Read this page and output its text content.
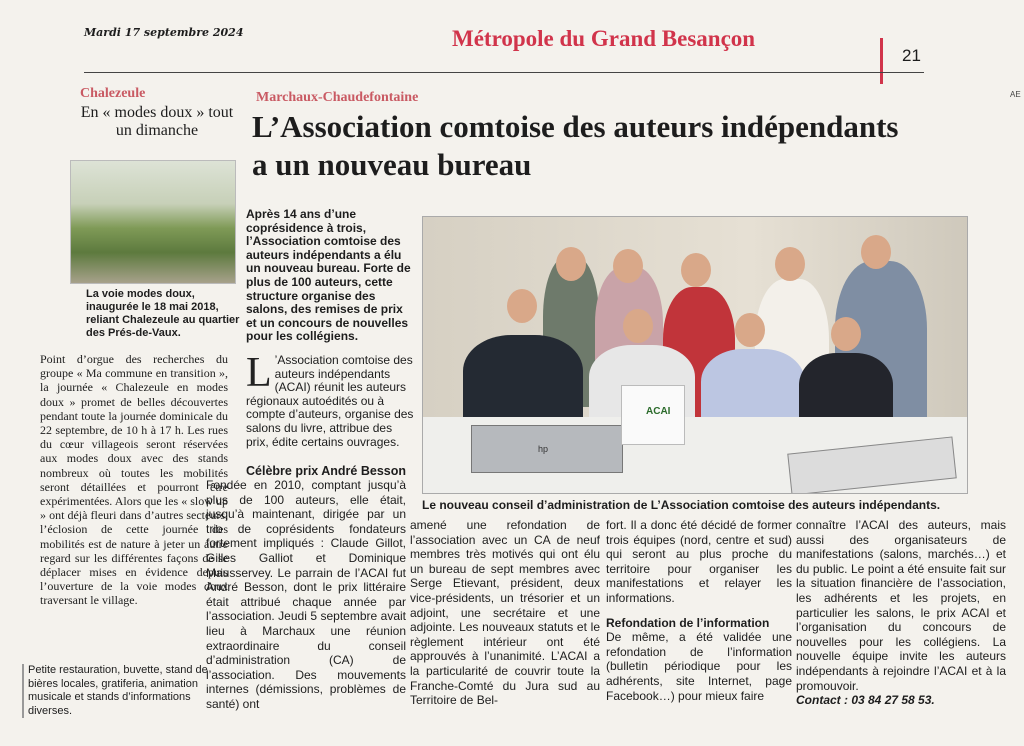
Mardi 17 septembre 2024	Métropole du Grand Besançon
21
AE
Chalezeule
En « modes doux » tout un dimanche
La voie modes doux, inaugurée le 18 mai 2018, reliant Chalezeule au quartier des Prés-de-Vaux.
Point d’orgue des recherches du groupe « Ma commune en transition », la journée « Chalezeule en modes doux » promet de belles découvertes pendant toute la journée dominicale du 22 septembre, de 10 h à 17 h. Les rues du cœur villageois seront réservées aux modes doux avec des stands nombreux où toutes les mobilités seront détaillées et pourront être expérimentées. Alors que les « slow up » ont déjà fleuri dans d’autres secteurs, l’éclosion de cette journée des mobilités est de nature à jeter un autre regard sur les différentes façons de se déplacer mises en évidence depuis l’ouverture de la voie modes doux traversant le village.
Petite restauration, buvette, stand de bières locales, gratiferia, animation musicale et stands d’informations diverses.
Marchaux-Chaudefontaine
L’Association comtoise des auteurs indépendants a un nouveau bureau
Après 14 ans d’une coprésidence à trois, l’Association comtoise des auteurs indépendants a élu un nouveau bureau. Forte de plus de 100 auteurs, cette structure organise des salons, des remises de prix et un concours de nouvelles pour les collégiens.
L ’Association comtoise des auteurs indépendants (ACAI) réunit les auteurs régionaux autoédités ou à compte d’auteurs, organise des salons du livre, attribue des prix, édite certains ouvrages.
Célèbre prix André Besson
Fondée en 2010, comptant jusqu’à plus de 100 auteurs, elle était, jusqu’à maintenant, dirigée par un trio de coprésidents fondateurs fortement impliqués : Claude Gillot, Gilles Galliot et Dominique Mausservey. Le parrain de l’ACAI fut André Besson, dont le prix littéraire était attribué chaque année par l’association. Jeudi 5 septembre avait lieu à Marchaux une réunion extraordinaire du conseil d’administration (CA) de l’association. Des mouvements internes (démissions, problèmes de santé) ont
amené une refondation de l’association avec un CA de neuf membres très motivés qui ont élu un bureau de sept membres avec Serge Etievant, président, deux vice-présidents, un trésorier et un adjoint, une secrétaire et une adjointe. Les nouveaux statuts et le règlement intérieur ont été approuvés à l’unanimité. L’ACAI a la particularité de couvrir toute la Franche-Comté du Jura sud au Territoire de Bel-
fort. Il a donc été décidé de former trois équipes (nord, centre et sud) qui seront au plus proche du territoire pour organiser les manifestations et relayer les informations.
Refondation de l’information
De même, a été validée une refondation de l’information (bulletin périodique pour les adhérents, site Internet, page Facebook…) pour mieux faire
connaître l’ACAI des auteurs, mais aussi des organisateurs de manifestations (salons, marchés…) et du public. Le point a été ensuite fait sur la situation financière de l’association, les adhérents et les projets, en particulier les salons, le prix ACAI et l’organisation du concours de nouvelles pour les collégiens. La nouvelle équipe invite les auteurs indépendants à rejoindre l’ACAI et à la promouvoir.
Contact : 03 84 27 58 53.
hp
ACAI
Le nouveau conseil d’administration de L’Association comtoise des auteurs indépendants.
